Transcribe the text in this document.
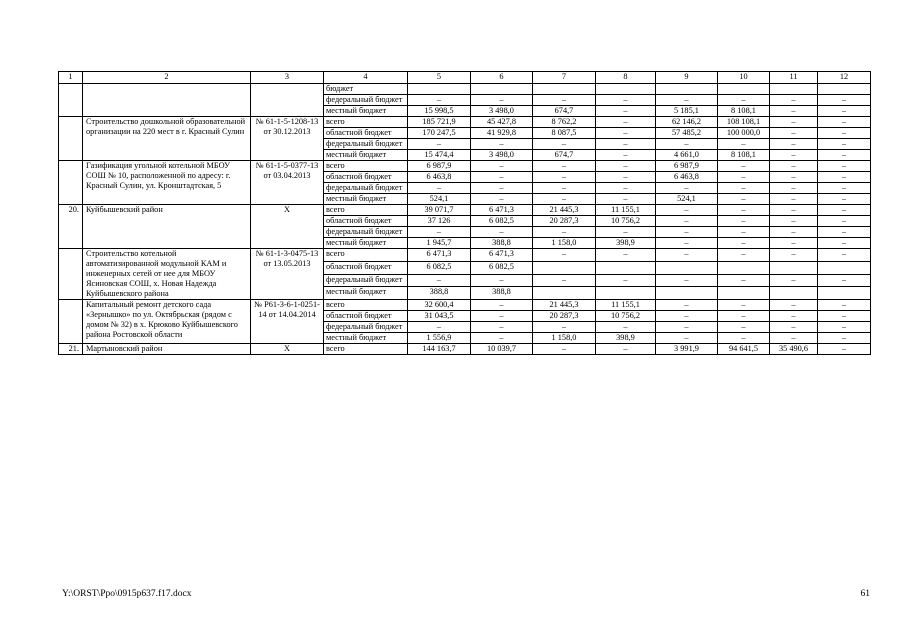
1	2	3	4	5	6	7	8	9	10	11	12
			бюджет								
			федеральный бюджет	–	–	–	–	–	–	–	–
			местный бюджет	15 998,5	3 498,0	674,7	–	5 185,1	8 108,1	–	–
	Строительство дошкольной образовательной организации на 220 мест в г. Красный Сулин	№ 61-1-5-1208-13 от 30.12.2013	всего	185 721,9	45 427,8	8 762,2	–	62 146,2	108 108,1	–	–
			областной бюджет	170 247,5	41 929,8	8 087,5	–	57 485,2	100 000,0	–	–
			федеральный бюджет	–	–	–	–	–	–	–	–
			местный бюджет	15 474,4	3 498,0	674,7	–	4 661,0	8 108,1	–	–
	Газификация угольной котельной МБОУ СОШ № 10, расположенной по адресу: г. Красный Сулин, ул. Кронштадтская, 5	№ 61-1-5-0377-13 от 03.04.2013	всего	6 987,9	–	–	–	6 987,9	–	–	–
			областной бюджет	6 463,8	–	–	–	6 463,8	–	–	–
			федеральный бюджет	–	–	–	–	–	–	–	–
			местный бюджет	524,1	–	–	–	524,1	–	–	–
20.	Куйбышевский район	Х	всего	39 071,7	6 471,3	21 445,3	11 155,1	–	–	–	–
			областной бюджет	37 126	6 082,5	20 287,3	10 756,2	–	–	–	–
			федеральный бюджет	–	–	–	–	–	–	–	–
			местный бюджет	1 945,7	388,8	1 158,0	398,9	–	–	–	–
	Строительство котельной автоматизированной модульной КАМ и инженерных сетей от нее для МБОУ Ясиновская СОШ, х. Новая Надежда Куйбышевского района	№ 61-1-3-0475-13 от 13.05.2013	всего	6 471,3	6 471,3	–	–	–	–	–	–
			областной бюджет	6 082,5	6 082,5						
			федеральный бюджет	–	–	–	–	–	–	–	–
			местный бюджет	388,8	388,8						
	Капитальный ремонт детского сада «Зернышко» по ул. Октябрьская (рядом с домом № 32) в х. Крюково Куйбышевского района Ростовской области	№ Р61-3-6-1-0251-14 от 14.04.2014	всего	32 600,4	–	21 445,3	11 155,1	–	–	–	–
			областной бюджет	31 043,5	–	20 287,3	10 756,2	–	–	–	–
			федеральный бюджет	–	–	–	–	–	–	–	–
			местный бюджет	1 556,9	–	1 158,0	398,9	–	–	–	–
21.	Мартыновский район	Х	всего	144 163,7	10 039,7	–	–	3 991,9	94 641,5	35 490,6	–
Y:\ORST\Ppo\0915p637.f17.docx	61
